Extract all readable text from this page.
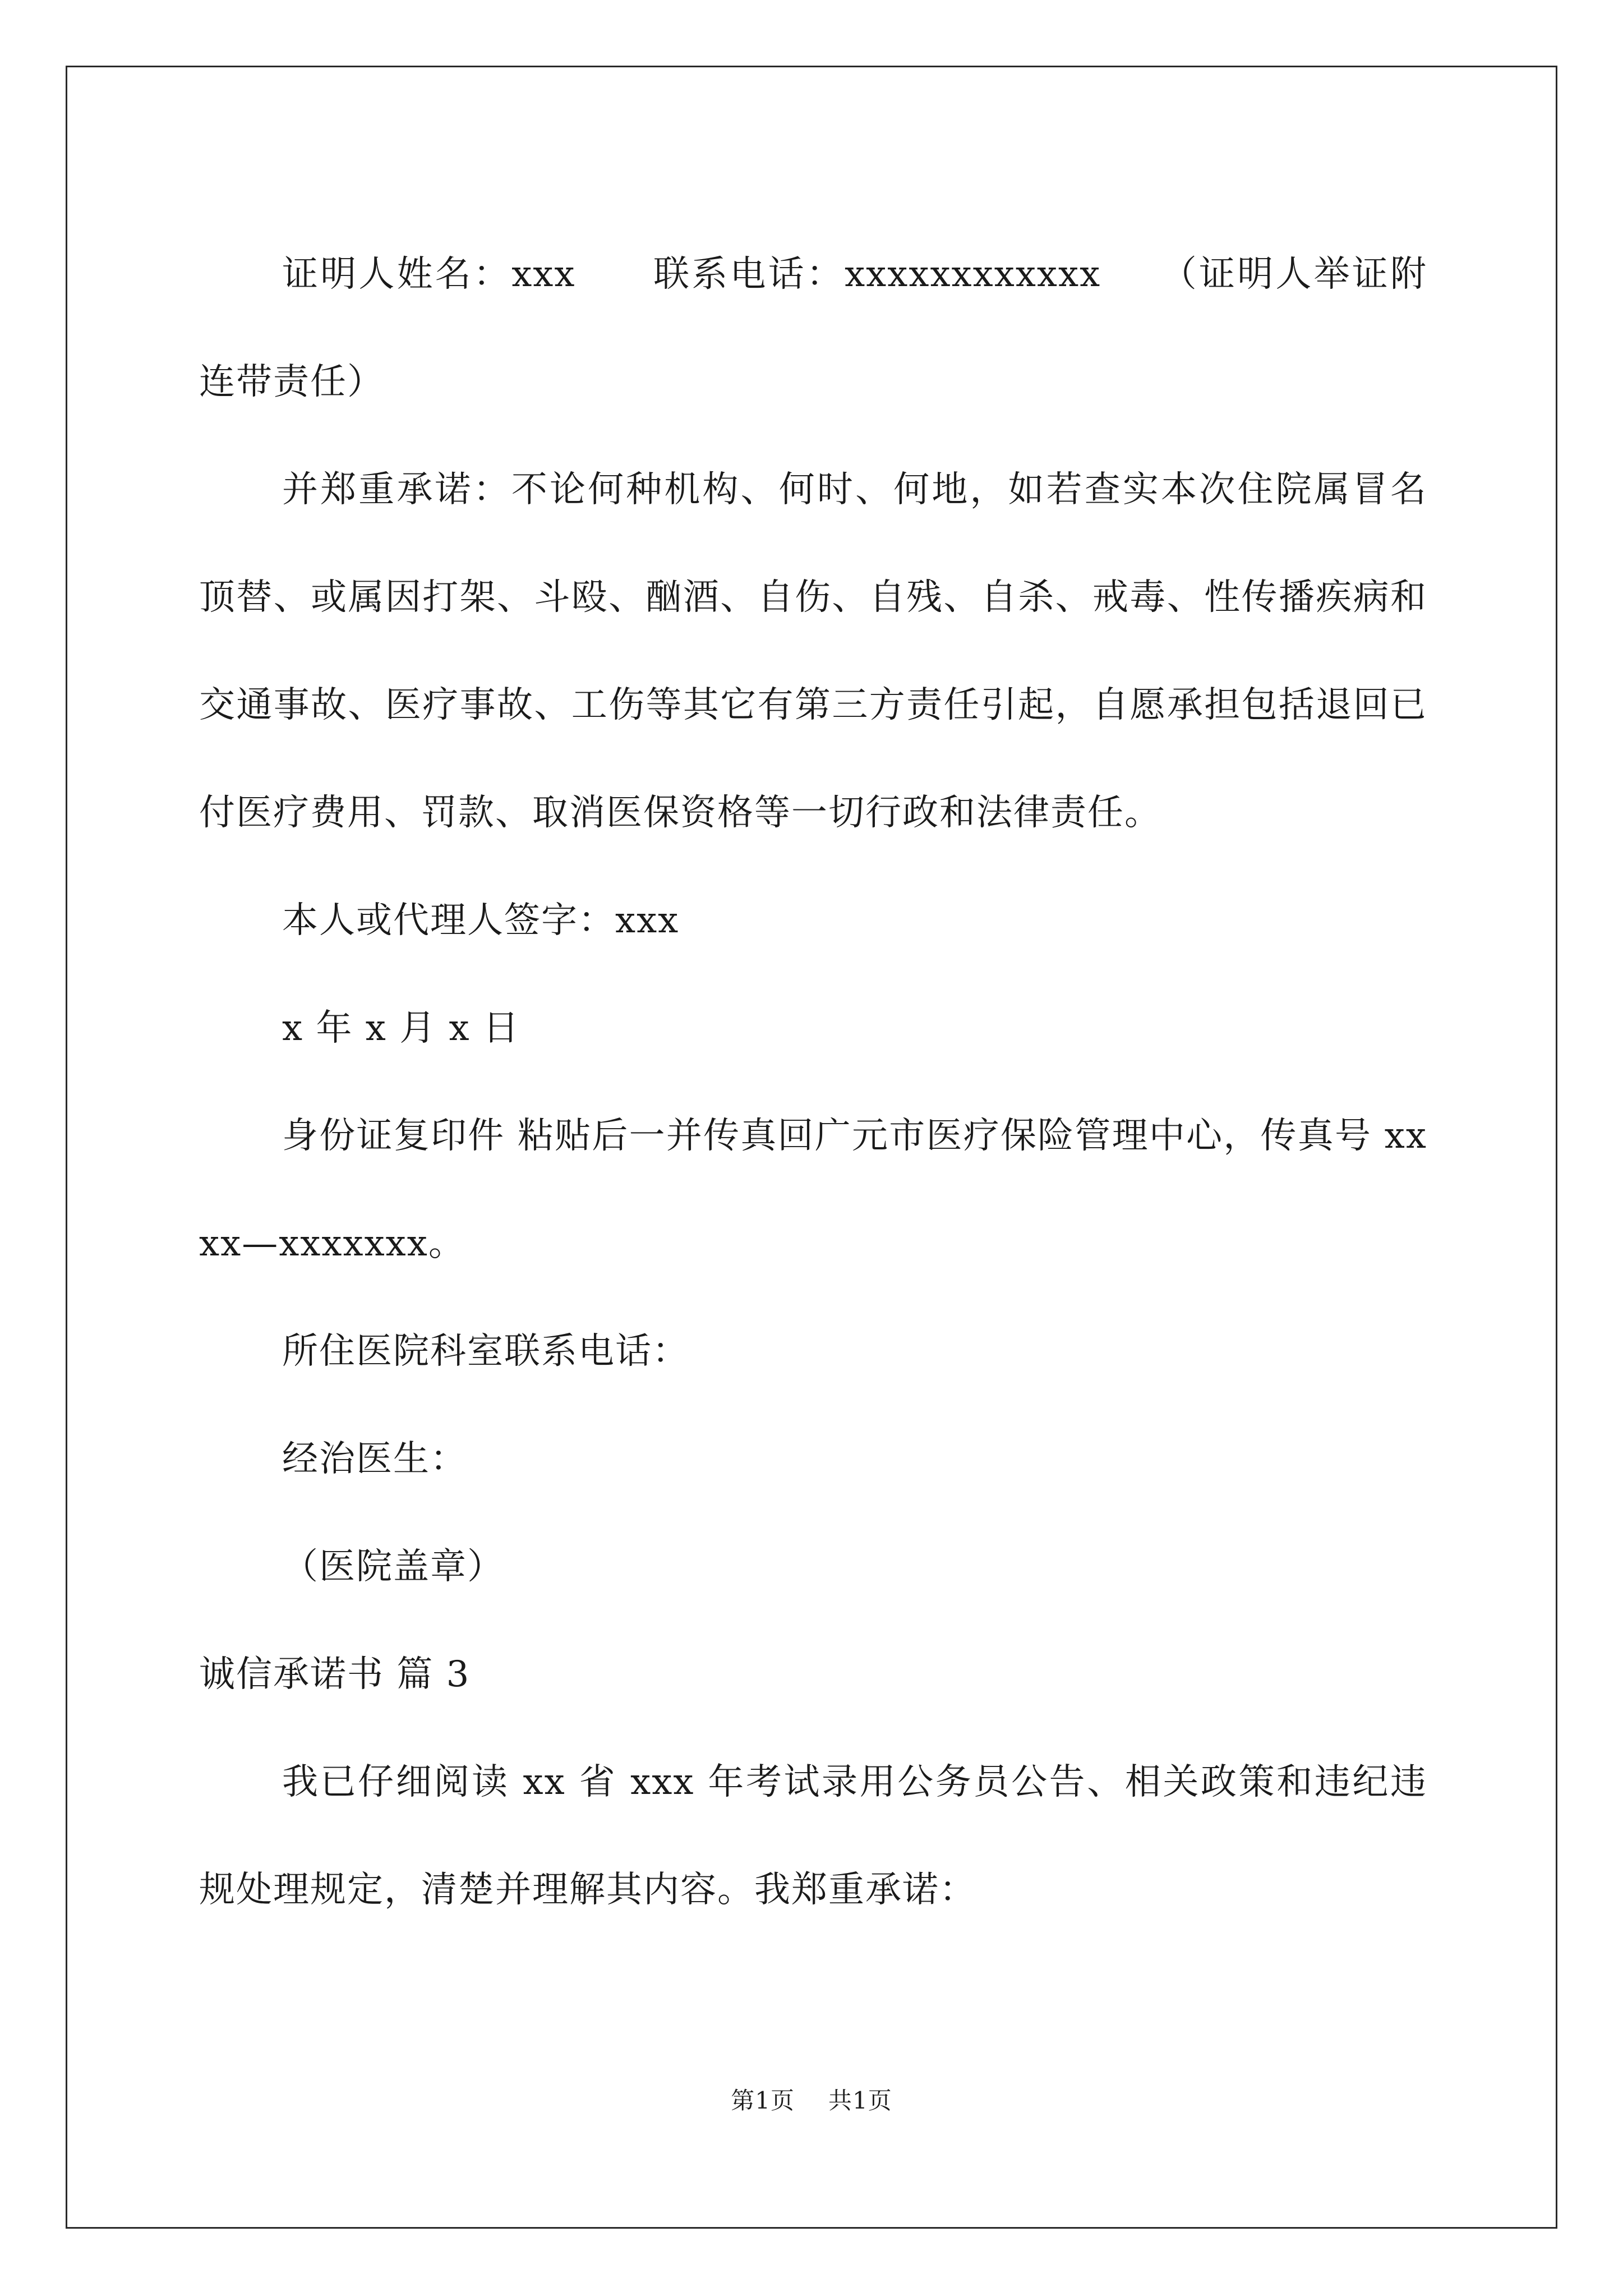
证明人姓名：xxx　　联系电话：xxxxxxxxxxxx　　（证明人举证附连带责任）

并郑重承诺：不论何种机构、何时、何地，如若查实本次住院属冒名顶替、或属因打架、斗殴、酗酒、自伤、自残、自杀、戒毒、性传播疾病和交通事故、医疗事故、工伤等其它有第三方责任引起，自愿承担包括退回已付医疗费用、罚款、取消医保资格等一切行政和法律责任。

本人或代理人签字：xxx

x 年 x 月 x 日

身份证复印件 粘贴后一并传真回广元市医疗保险管理中心，传真号 xxxx—xxxxxxx。

所住医院科室联系电话：

经治医生：

（医院盖章）

诚信承诺书 篇 3

我已仔细阅读 xx 省 xxx 年考试录用公务员公告、相关政策和违纪违规处理规定，清楚并理解其内容。我郑重承诺：

第1页 共1页
